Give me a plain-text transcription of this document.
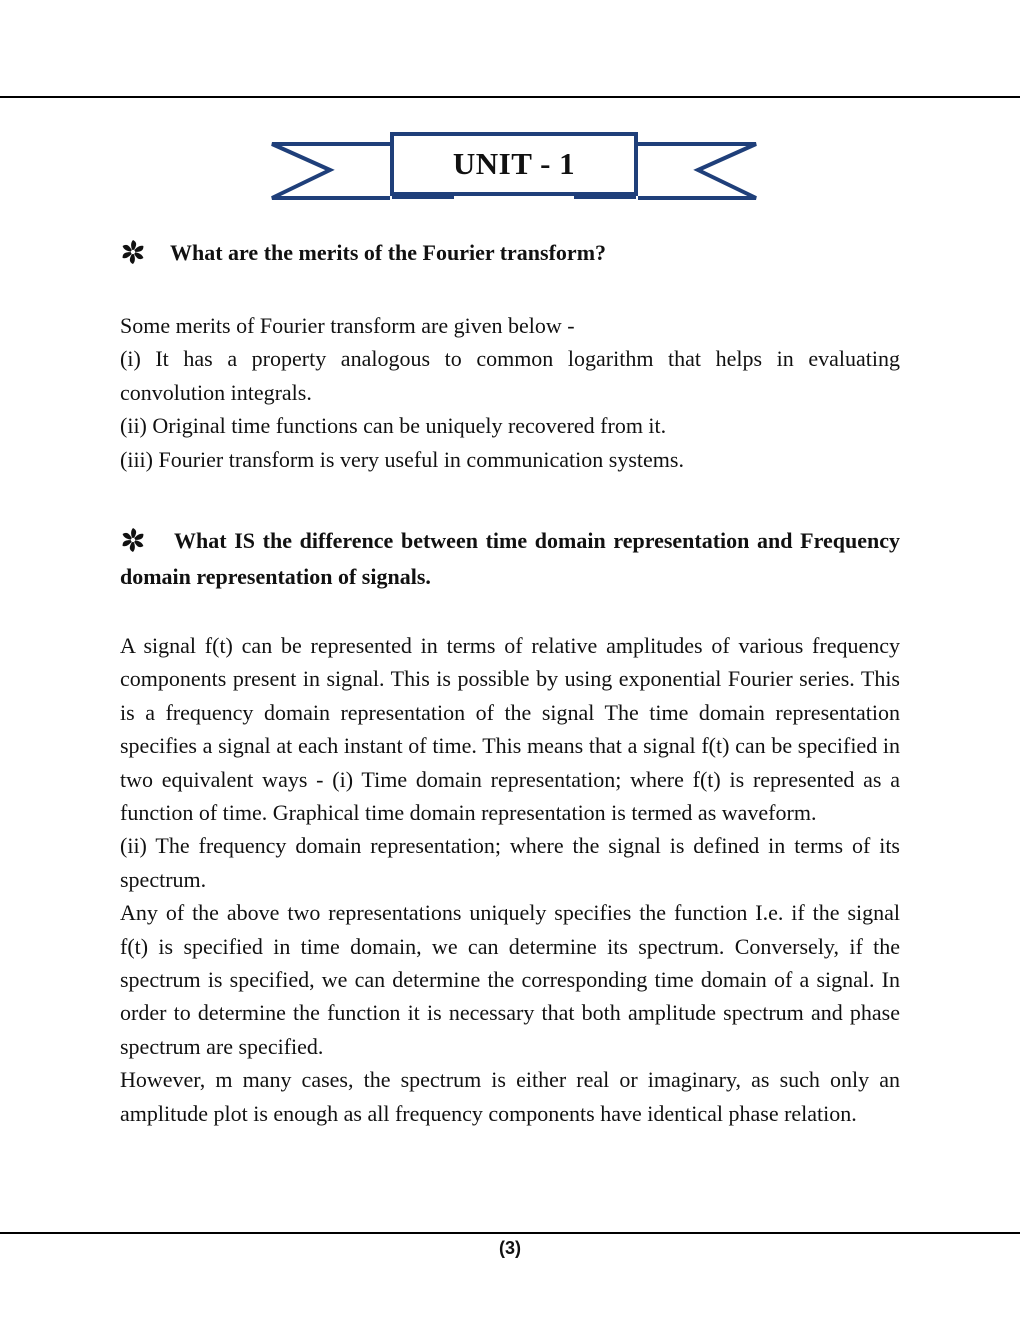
UNIT - 1
What are the merits of the Fourier transform?

Some merits of Fourier transform are given below -

(i) It has a property analogous to common logarithm that helps in evaluating convolution integrals.

(ii) Original time functions can be uniquely recovered from it.

(iii) Fourier transform is very useful in communication systems.

What IS the difference between time domain representation and Frequency domain representation of signals.

A signal f(t) can be represented in terms of relative amplitudes of various frequency components present in signal. This is possible by using exponential Fourier series. This is a frequency domain representation of the signal The time domain representation specifies a signal at each instant of time. This means that a signal f(t) can be specified in two equivalent ways - (i) Time domain representation; where f(t) is represented as a function of time. Graphical time domain representation is termed as waveform.

(ii) The frequency domain representation; where the signal is defined in terms of its spectrum.

Any of the above two representations uniquely specifies the function I.e. if the signal f(t) is specified in time domain, we can determine its spectrum. Conversely, if the spectrum is specified, we can determine the corresponding time domain of a signal. In order to determine the function it is necessary that both amplitude spectrum and phase spectrum are specified.

However, m many cases, the spectrum is either real or imaginary, as such only an amplitude plot is enough as all frequency components have identical phase relation.

(3)
